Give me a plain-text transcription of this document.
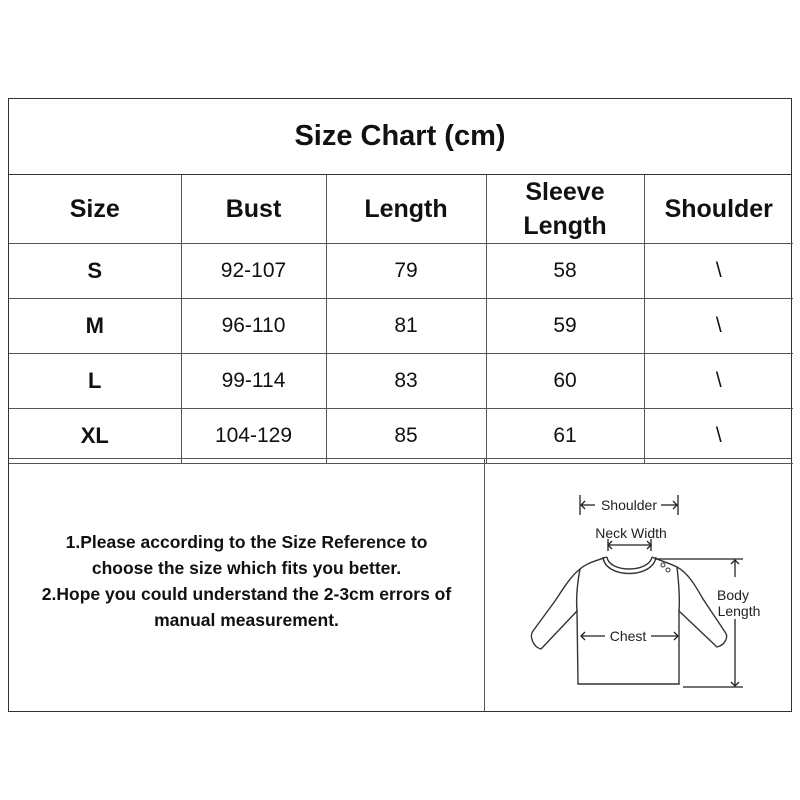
Size Chart (cm)
Size	Bust	Length	Sleeve Length	Shoulder
S	92-107	79	58	\
M	96-110	81	59	\
L	99-114	83	60	\
XL	104-129	85	61	\
1.Please according to the Size Reference to
choose the size which fits you better.
2.Hope you could understand the 2-3cm errors of
manual measurement.
Shoulder
Neck Width
Chest
Body
Length
